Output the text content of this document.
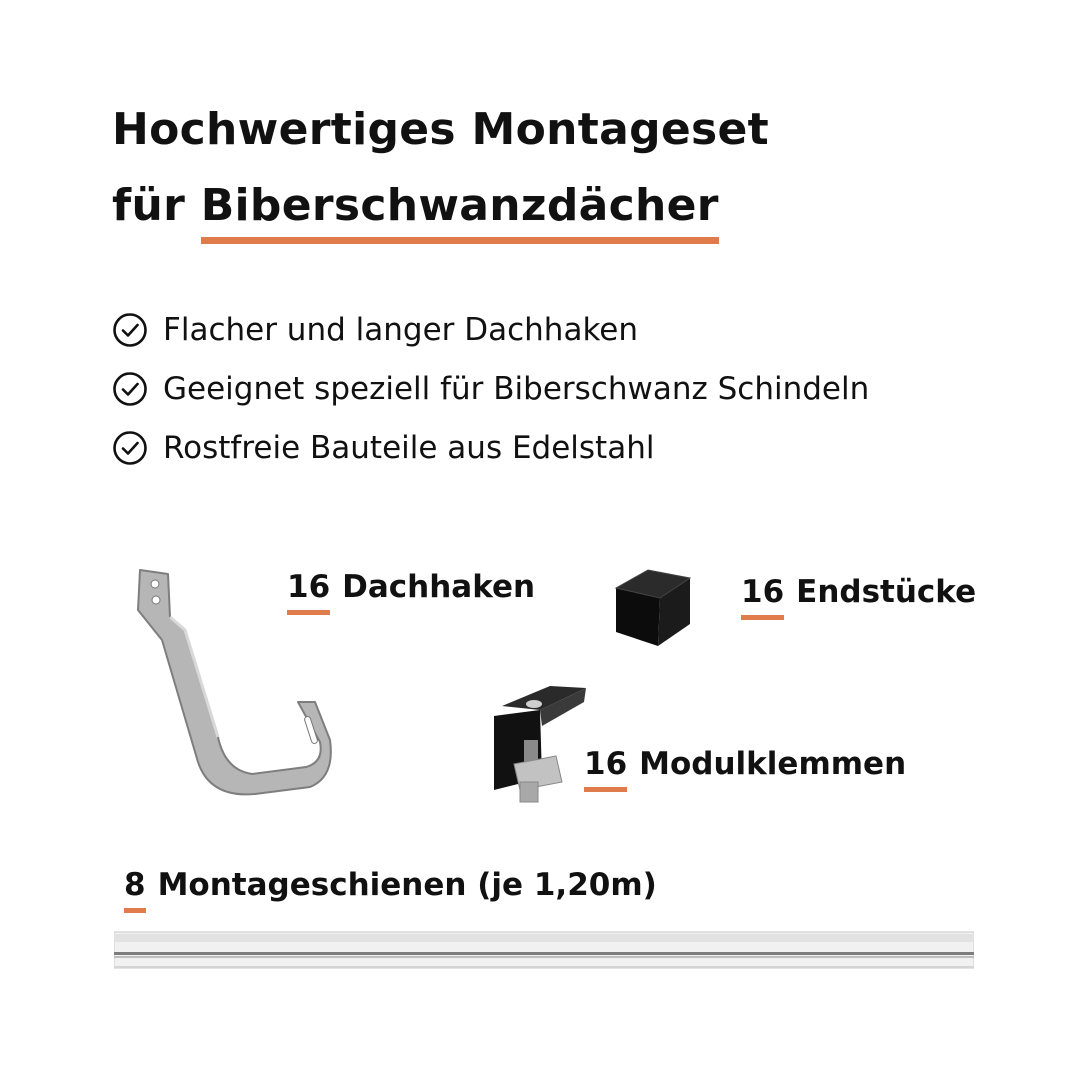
Hochwertiges Montageset
für Biberschwanzdächer
Flacher und langer Dachhaken
Geeignet speziell für Biberschwanz Schindeln
Rostfreie Bauteile aus Edelstahl
16 Dachhaken	16 Endstücke
16 Modulklemmen
8 Montageschienen (je 1,20m)
